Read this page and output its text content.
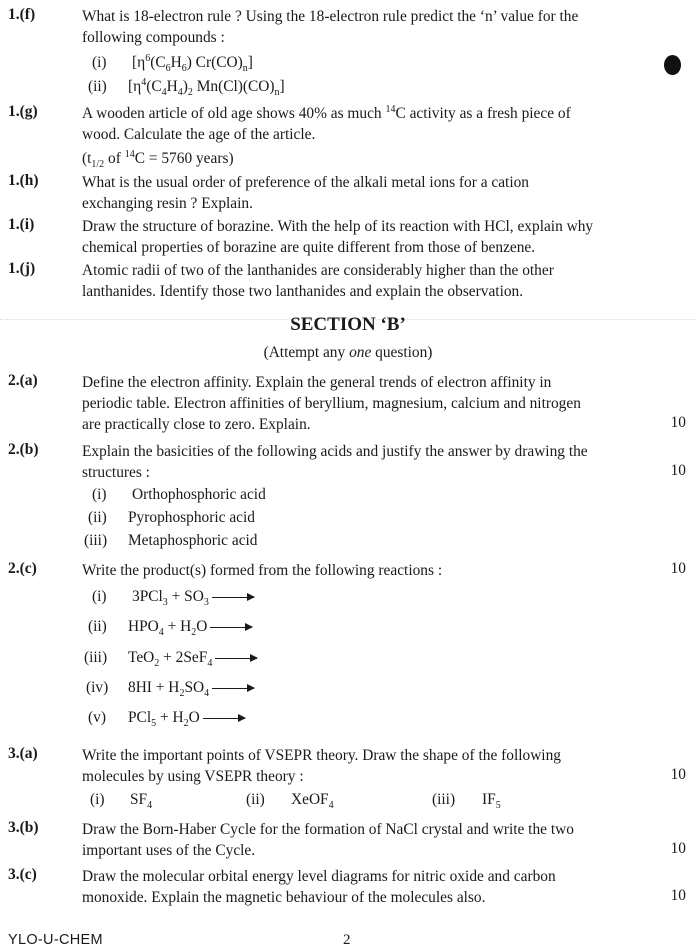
1.(f)	What is 18-electron rule ? Using the 18-electron rule predict the ‘n’ value for the
following compounds :
(i) [$\eta^6(C_6H_6)$ $Cr(CO)_n$]
(ii) [$\eta^4(C_4H_4)_2$ $Mn(Cl)(CO)_n$]
1.(g)	A wooden article of old age shows 40% as much $^{14}$C activity as a fresh piece of
wood. Calculate the age of the article.
($t_{1/2}$ of $^{14}$C = 5760 years)
1.(h)	What is the usual order of preference of the alkali metal ions for a cation
exchanging resin ? Explain.
1.(i)	Draw the structure of borazine. With the help of its reaction with HCl, explain why
chemical properties of borazine are quite different from those of benzene.
1.(j)	Atomic radii of two of the lanthanides are considerably higher than the other
lanthanides. Identify those two lanthanides and explain the observation.
SECTION ‘B’
(Attempt any one question)
2.(a)	Define the electron affinity. Explain the general trends of electron affinity in
periodic table. Electron affinities of beryllium, magnesium, calcium and nitrogen
are practically close to zero. Explain.	10
2.(b)	Explain the basicities of the following acids and justify the answer by drawing the
structures :	10
(i) Orthophosphoric acid
(ii) Pyrophosphoric acid
(iii) Metaphosphoric acid
2.(c)	Write the product(s) formed from the following reactions :	10
(i) $3PCl_3 + SO_3$
(ii) $HPO_4 + H_2O$
(iii) TeO$_2$ + 2SeF$_4$
(iv) $8HI + H_2SO_4$
(v) $PCl_5 + H_2O$
3.(a)	Write the important points of VSEPR theory. Draw the shape of the following
molecules by using VSEPR theory :	10
(i) $SF_4$	(ii) XeOF$_4$	(iii) $IF_5$
3.(b)	Draw the Born-Haber Cycle for the formation of NaCl crystal and write the two
important uses of the Cycle.	10
3.(c)	Draw the molecular orbital energy level diagrams for nitric oxide and carbon
monoxide. Explain the magnetic behaviour of the molecules also.	10
YLO-U-CHEM	2
